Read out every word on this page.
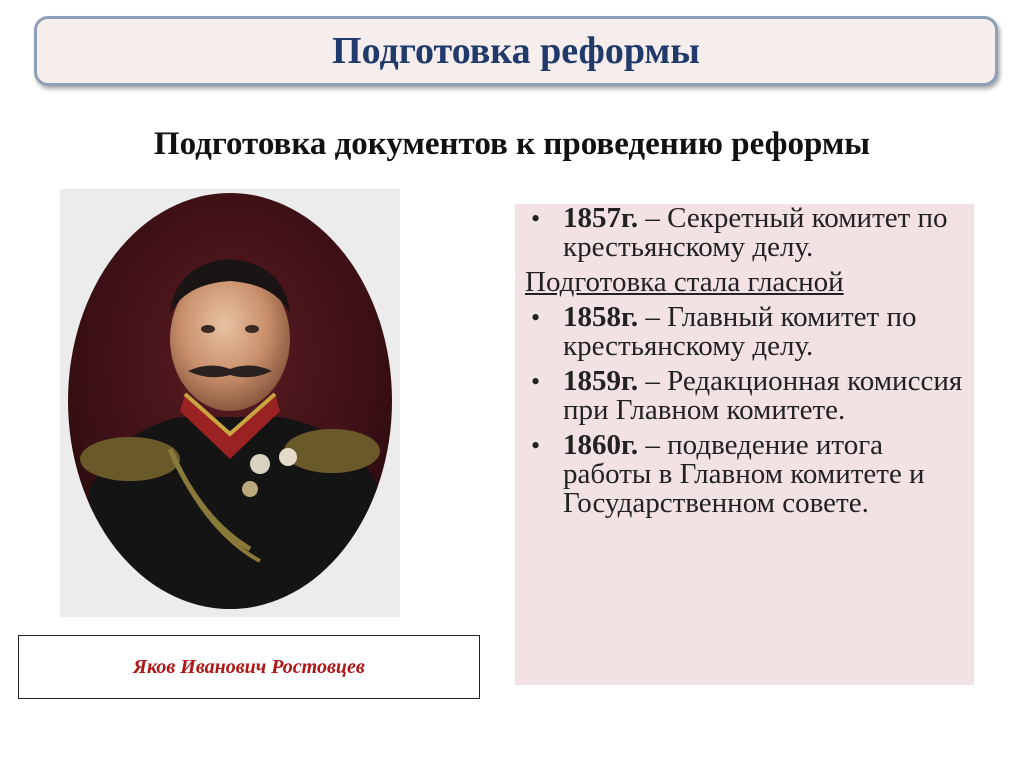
Подготовка реформы
Подготовка документов к проведению реформы
Яков Иванович Ростовцев
• 1857г. – Секретный комитет по крестьянскому делу.
Подготовка стала гласной
• 1858г. – Главный комитет по крестьянскому делу.
• 1859г. – Редакционная комиссия при Главном комитете.
• 1860г. – подведение итога работы в Главном комитете и Государственном совете.
